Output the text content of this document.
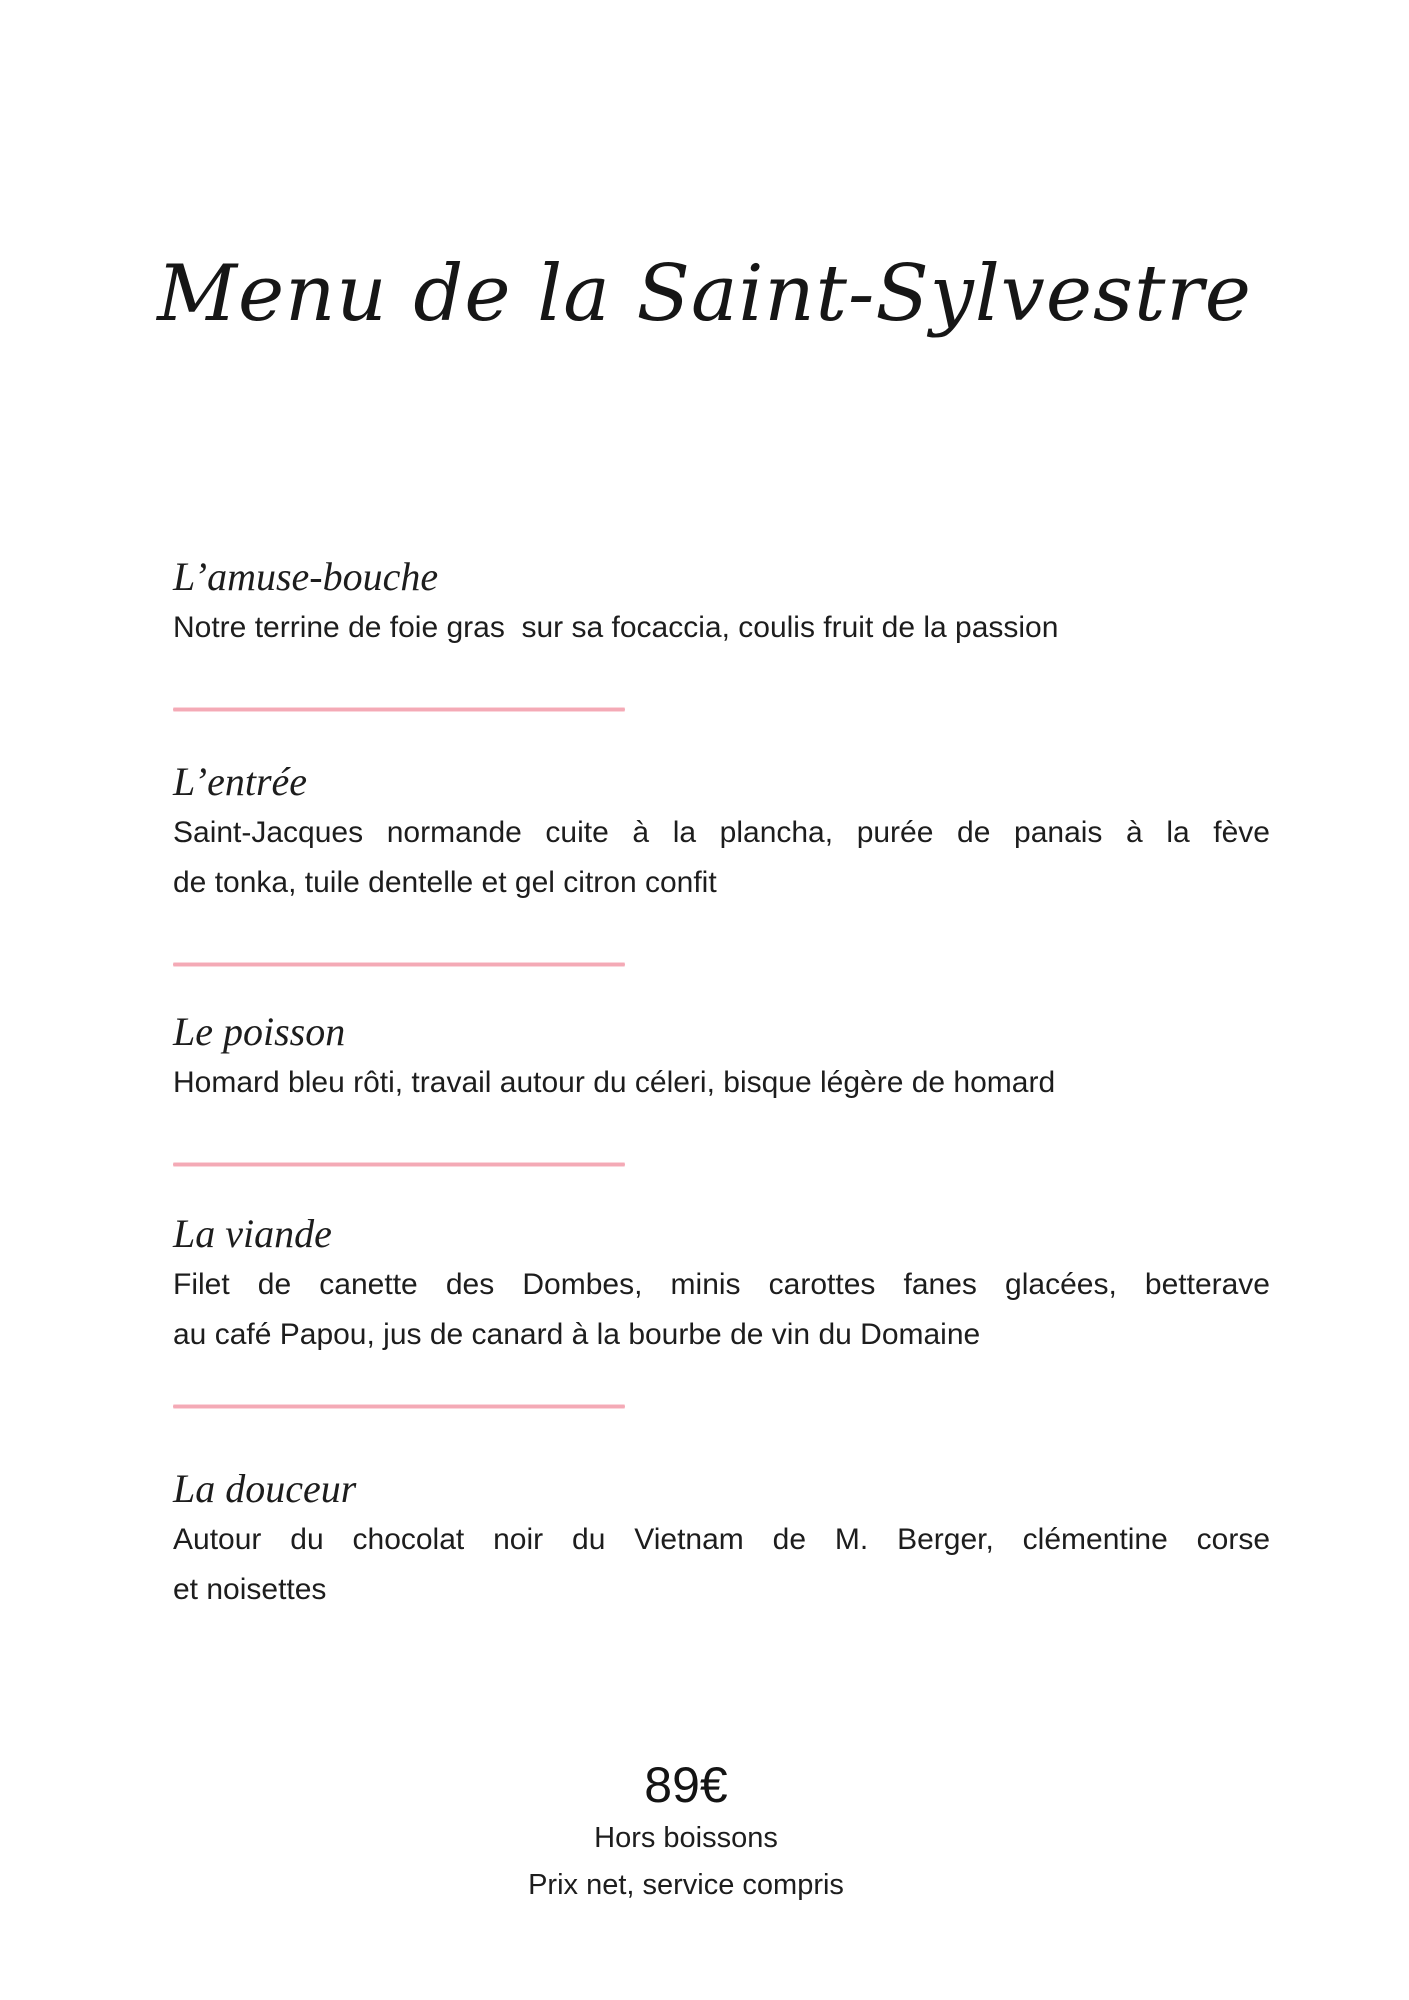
Menu de la Saint-Sylvestre
L’amuse-bouche

Notre terrine de foie gras  sur sa focaccia, coulis fruit de la passion

L’entrée

Saint-Jacques normande cuite à la plancha, purée de panais à la fève

de tonka, tuile dentelle et gel citron confit

Le poisson

Homard bleu rôti, travail autour du céleri, bisque légère de homard

La viande

Filet de canette des Dombes, minis carottes fanes glacées, betterave

au café Papou, jus de canard à la bourbe de vin du Domaine

La douceur

Autour du chocolat noir du Vietnam de M. Berger, clémentine corse

et noisettes

89€
Hors boissons
Prix net, service compris
